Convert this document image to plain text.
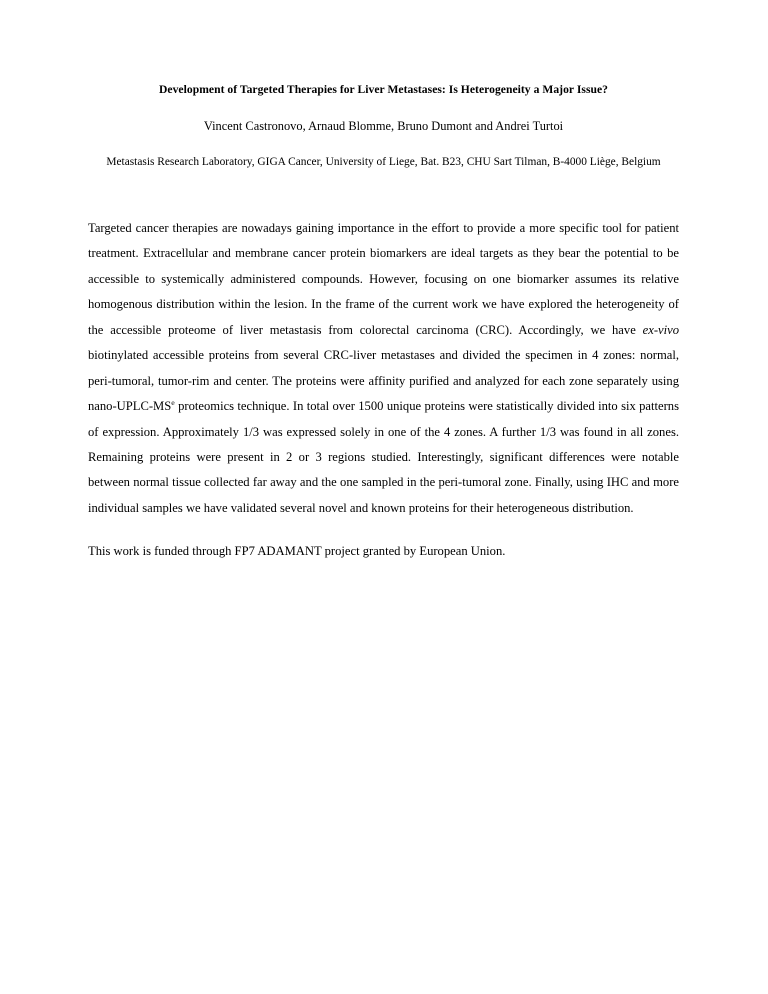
Development of Targeted Therapies for Liver Metastases: Is Heterogeneity a Major Issue?
Vincent Castronovo, Arnaud Blomme, Bruno Dumont and Andrei Turtoi
Metastasis Research Laboratory, GIGA Cancer, University of Liege, Bat. B23, CHU Sart Tilman, B-4000 Liège, Belgium
Targeted cancer therapies are nowadays gaining importance in the effort to provide a more specific tool for patient treatment. Extracellular and membrane cancer protein biomarkers are ideal targets as they bear the potential to be accessible to systemically administered compounds. However, focusing on one biomarker assumes its relative homogenous distribution within the lesion. In the frame of the current work we have explored the heterogeneity of the accessible proteome of liver metastasis from colorectal carcinoma (CRC). Accordingly, we have ex-vivo biotinylated accessible proteins from several CRC-liver metastases and divided the specimen in 4 zones: normal, peri-tumoral, tumor-rim and center. The proteins were affinity purified and analyzed for each zone separately using nano-$UPLC-MS^e$ proteomics technique. In total over 1500 unique proteins were statistically divided into six patterns of expression. Approximately 1/3 was expressed solely in one of the 4 zones. A further 1/3 was found in all zones. Remaining proteins were present in 2 or 3 regions studied. Interestingly, significant differences were notable between normal tissue collected far away and the one sampled in the peri-tumoral zone. Finally, using IHC and more individual samples we have validated several novel and known proteins for their heterogeneous distribution.
This work is funded through FP7 ADAMANT project granted by European Union.
